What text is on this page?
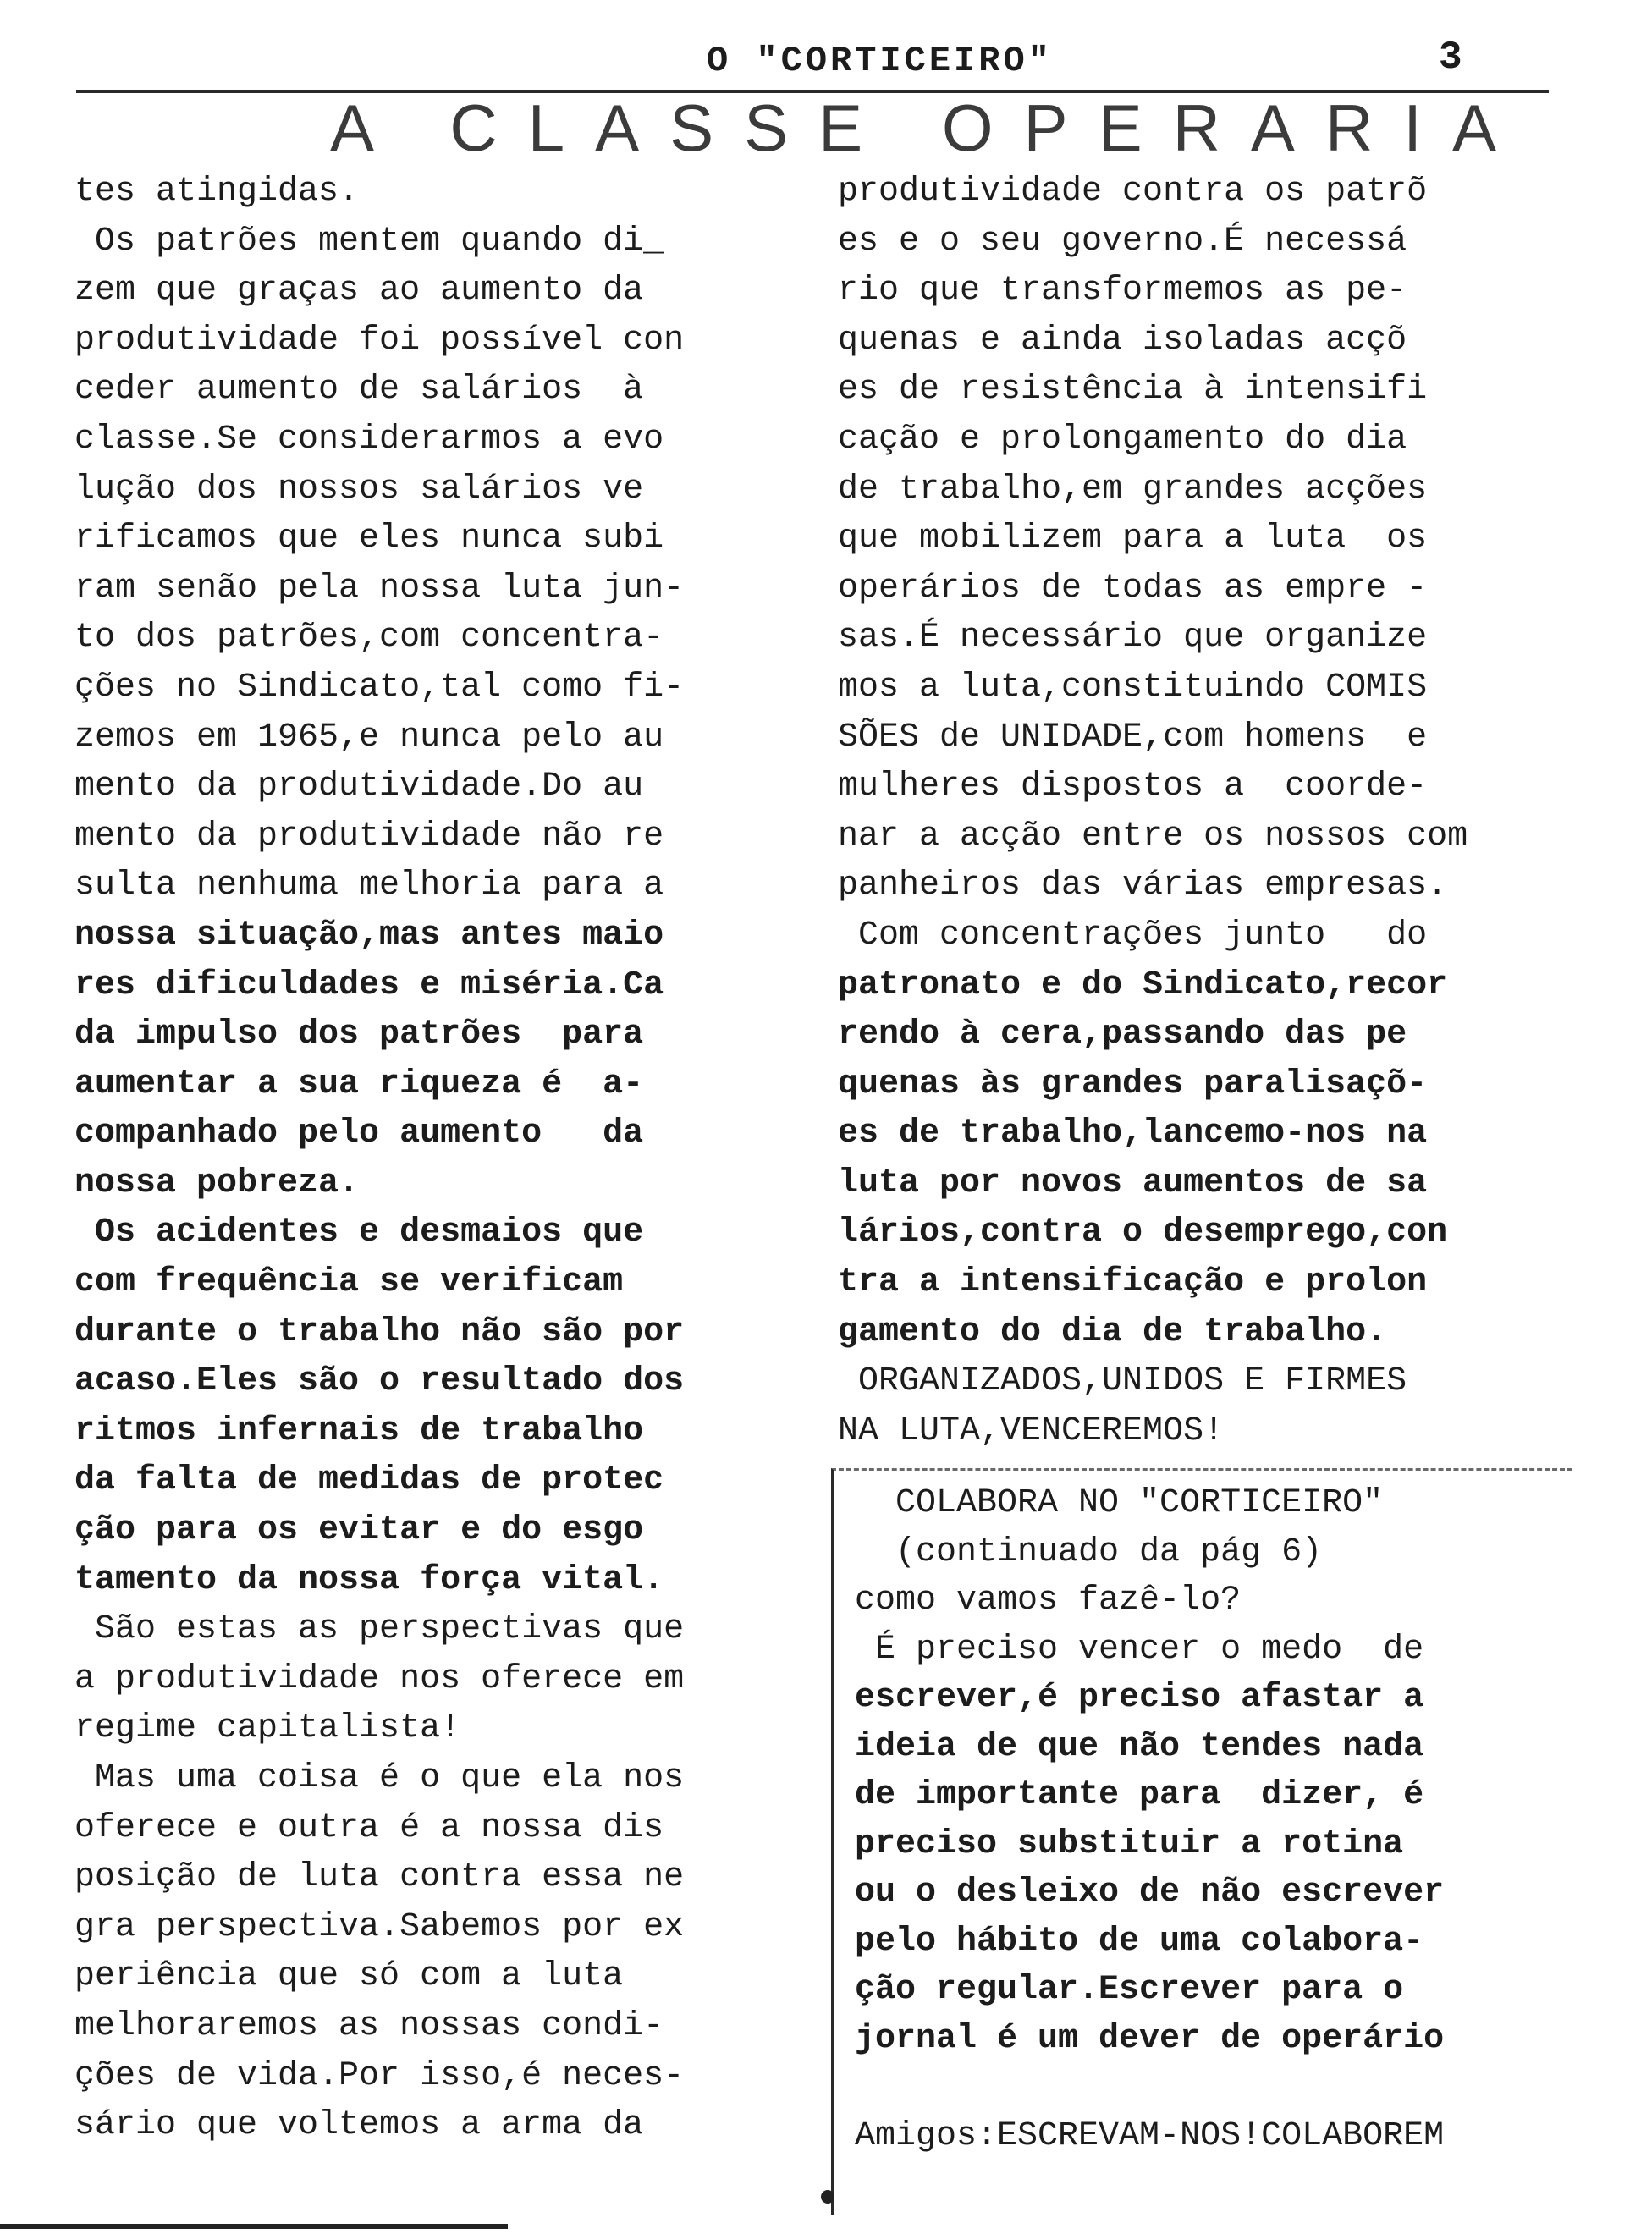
O "CORTICEIRO"	3
A CLASSE OPERARIA
tes atingidas.
Os patrões mentem quando di_
zem que graças ao aumento da
produtividade foi possível con
ceder aumento de salários  à
classe.Se considerarmos a evo
lução dos nossos salários ve
rificamos que eles nunca subi
ram senão pela nossa luta jun-
to dos patrões,com concentra-
ções no Sindicato,tal como fi-
zemos em 1965,e nunca pelo au
mento da produtividade.Do au
mento da produtividade não re
sulta nenhuma melhoria para a
nossa situação,mas antes maio
res dificuldades e miséria.Ca
da impulso dos patrões  para
aumentar a sua riqueza é  a-
companhado pelo aumento   da
nossa pobreza.
Os acidentes e desmaios que
com frequência se verificam
durante o trabalho não são por
acaso.Eles são o resultado dos
ritmos infernais de trabalho
da falta de medidas de protec
ção para os evitar e do esgo
tamento da nossa força vital.
São estas as perspectivas que
a produtividade nos oferece em
regime capitalista!
Mas uma coisa é o que ela nos
oferece e outra é a nossa dis
posição de luta contra essa ne
gra perspectiva.Sabemos por ex
periência que só com a luta
melhoraremos as nossas condi-
ções de vida.Por isso,é neces-
sário que voltemos a arma da
produtividade contra os patrõ
es e o seu governo.É necessá
rio que transformemos as pe-
quenas e ainda isoladas acçõ
es de resistência à intensifi
cação e prolongamento do dia
de trabalho,em grandes acções
que mobilizem para a luta  os
operários de todas as empre -
sas.É necessário que organize
mos a luta,constituindo COMIS
SÕES de UNIDADE,com homens  e
mulheres dispostos a  coorde-
nar a acção entre os nossos com
panheiros das várias empresas.
Com concentrações junto   do
patronato e do Sindicato,recor
rendo à cera,passando das pe
quenas às grandes paralisaçõ-
es de trabalho,lancemo-nos na
luta por novos aumentos de sa
lários,contra o desemprego,con
tra a intensificação e prolon
gamento do dia de trabalho.
ORGANIZADOS,UNIDOS E FIRMES
NA LUTA,VENCEREMOS!
COLABORA NO "CORTICEIRO"
(continuado da pág 6)
como vamos fazê-lo?
É preciso vencer o medo  de
escrever,é preciso afastar a
ideia de que não tendes nada
de importante para  dizer, é
preciso substituir a rotina
ou o desleixo de não escrever
pelo hábito de uma colabora-
ção regular.Escrever para o
jornal é um dever de operário
Amigos:ESCREVAM-NOS!COLABOREM
